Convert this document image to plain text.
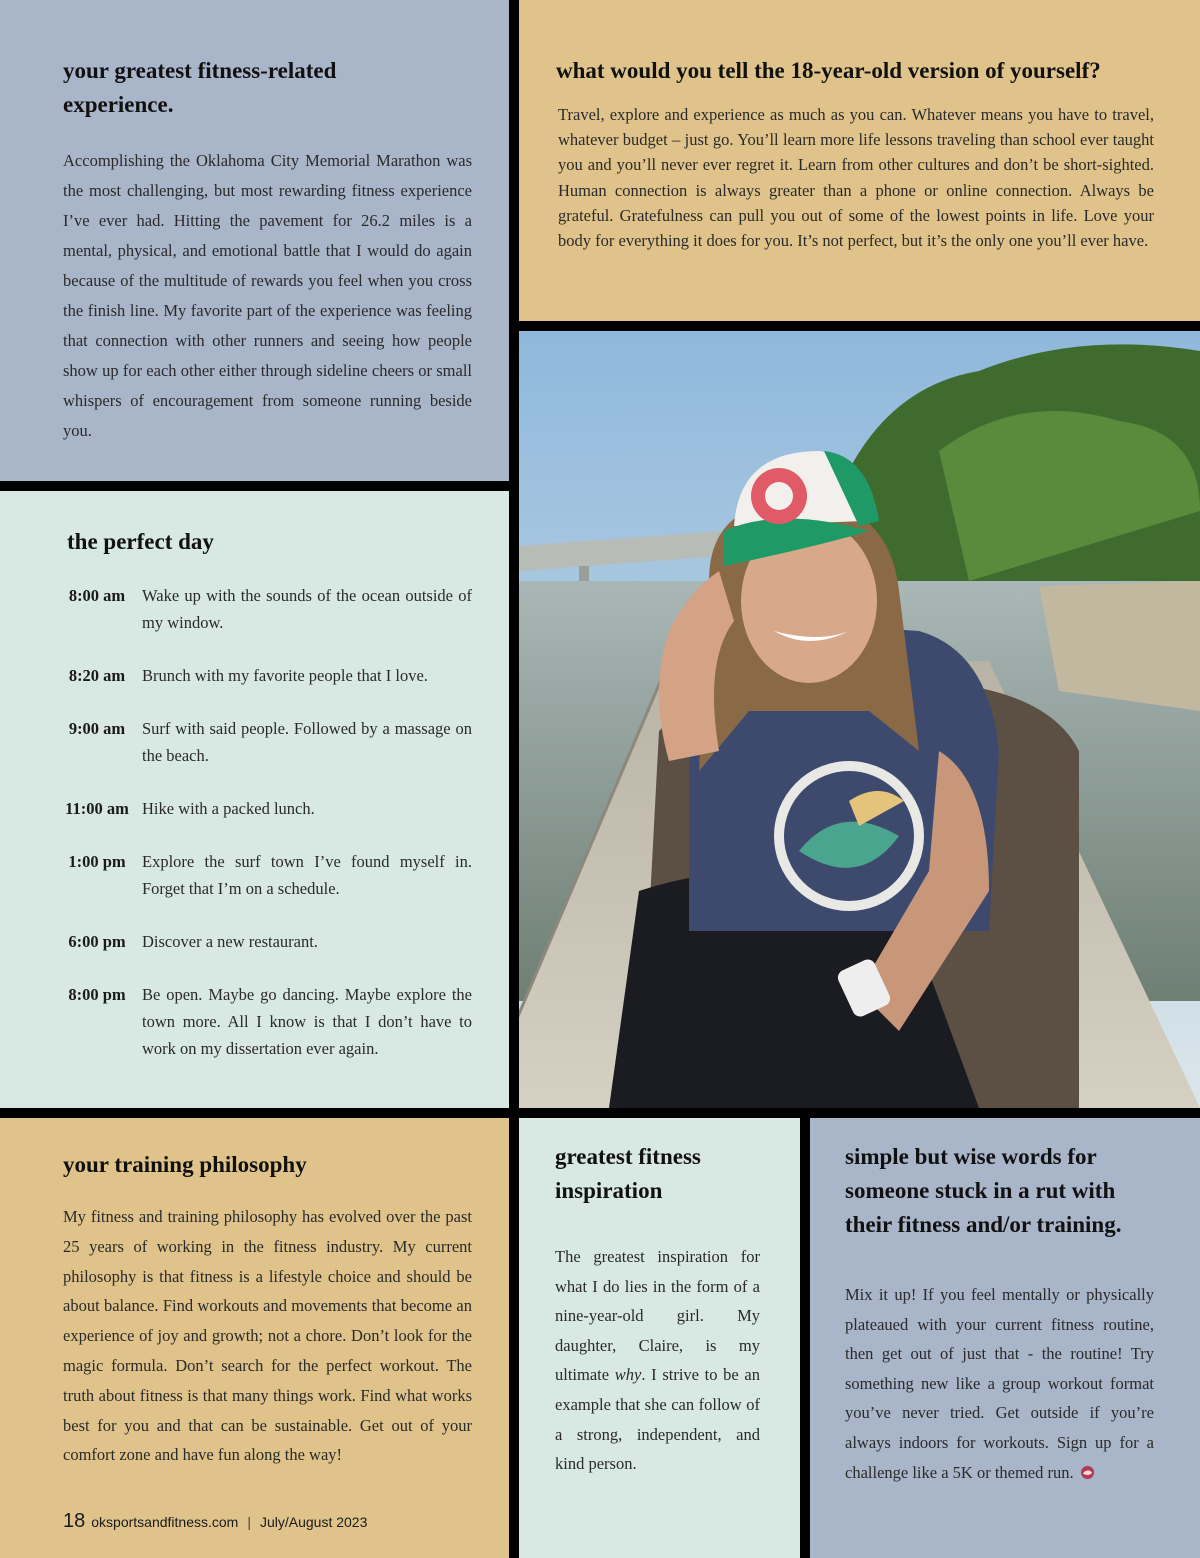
your greatest fitness-related experience.

Accomplishing the Oklahoma City Memorial Marathon was the most challenging, but most rewarding fitness experience I’ve ever had. Hitting the pavement for 26.2 miles is a mental, physical, and emotional battle that I would do again because of the multitude of rewards you feel when you cross the finish line. My favorite part of the experience was feeling that connection with other runners and seeing how people show up for each other either through sideline cheers or small whispers of encouragement from someone running beside you.

what would you tell the 18-year-old version of yourself?

Travel, explore and experience as much as you can. Whatever means you have to travel, whatever budget – just go. You’ll learn more life lessons traveling than school ever taught you and you’ll never ever regret it. Learn from other cultures and don’t be short-sighted. Human connection is always greater than a phone or online connection. Always be grateful. Gratefulness can pull you out of some of the lowest points in life. Love your body for everything it does for you. It’s not perfect, but it’s the only one you’ll ever have.

the perfect day
8:00 am	Wake up with the sounds of the ocean outside of my window.
8:20 am	Brunch with my favorite people that I love.
9:00 am	Surf with said people. Followed by a massage on the beach.
11:00 am Hike with a packed lunch.
1:00 pm Explore the surf town I’ve found myself in. Forget that I’m on a schedule.
6:00 pm Discover a new restaurant.
8:00 pm Be open. Maybe go dancing. Maybe explore the town more. All I know is that I don’t have to work on my dissertation ever again.
your training philosophy

My fitness and training philosophy has evolved over the past 25 years of working in the fitness industry. My current philosophy is that fitness is a lifestyle choice and should be about balance. Find workouts and movements that become an experience of joy and growth; not a chore. Don’t look for the magic formula. Don’t search for the perfect workout. The truth about fitness is that many things work. Find what works best for you and that can be sustainable. Get out of your comfort zone and have fun along the way!

greatest fitness inspiration

The greatest inspiration for what I do lies in the form of a nine-year-old girl. My daughter, Claire, is my ultimate why. I strive to be an example that she can follow of a strong, independent, and kind person.

simple but wise words for someone stuck in a rut with their fitness and/or training.

Mix it up! If you feel mentally or physically plateaued with your current fitness routine, then get out of just that - the routine! Try something new like a group workout format you’ve never tried. Get outside if you’re always indoors for workouts. Sign up for a challenge like a 5K or themed run.

18 oksportsandfitness.com | July/August 2023
